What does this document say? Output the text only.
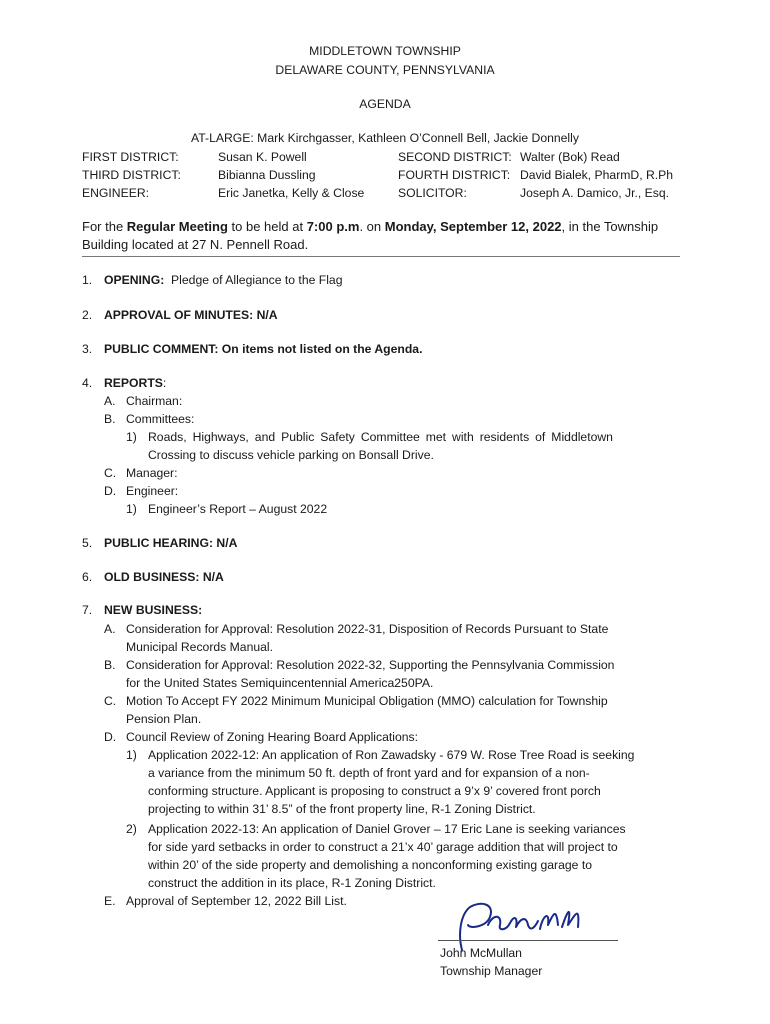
MIDDLETOWN TOWNSHIP
DELAWARE COUNTY, PENNSYLVANIA
AGENDA
AT-LARGE: Mark Kirchgasser, Kathleen O’Connell Bell, Jackie Donnelly
FIRST DISTRICT:	Susan K. Powell	SECOND DISTRICT: Walter (Bok) Read
THIRD DISTRICT:	Bibianna Dussling	FOURTH DISTRICT: David Bialek, PharmD, R.Ph
ENGINEER:	Eric Janetka, Kelly & Close	SOLICITOR:	Joseph A. Damico, Jr., Esq.
For the Regular Meeting to be held at 7:00 p.m. on Monday, September 12, 2022, in the Township
Building located at 27 N. Pennell Road.
1. OPENING: Pledge of Allegiance to the Flag
2. APPROVAL OF MINUTES: N/A
3. PUBLIC COMMENT: On items not listed on the Agenda.
4. REPORTS:
A. Chairman:
B. Committees:
1) Roads, Highways, and Public Safety Committee met with residents of Middletown
Crossing to discuss vehicle parking on Bonsall Drive.
C. Manager:
D. Engineer:
1) Engineer’s Report – August 2022
5. PUBLIC HEARING: N/A
6. OLD BUSINESS: N/A
7. NEW BUSINESS:
A. Consideration for Approval: Resolution 2022-31, Disposition of Records Pursuant to State
Municipal Records Manual.
B. Consideration for Approval: Resolution 2022-32, Supporting the Pennsylvania Commission
for the United States Semiquincentennial America250PA.
C. Motion To Accept FY 2022 Minimum Municipal Obligation (MMO) calculation for Township
Pension Plan.
D. Council Review of Zoning Hearing Board Applications:
1) Application 2022-12: An application of Ron Zawadsky - 679 W. Rose Tree Road is seeking
a variance from the minimum 50 ft. depth of front yard and for expansion of a non-
conforming structure. Applicant is proposing to construct a 9’x 9’ covered front porch
projecting to within 31’ 8.5” of the front property line, R-1 Zoning District.
2) Application 2022-13: An application of Daniel Grover – 17 Eric Lane is seeking variances
for side yard setbacks in order to construct a 21’x 40’ garage addition that will project to
within 20’ of the side property and demolishing a nonconforming existing garage to
construct the addition in its place, R-1 Zoning District.
E. Approval of September 12, 2022 Bill List.
John McMullan
Township Manager
